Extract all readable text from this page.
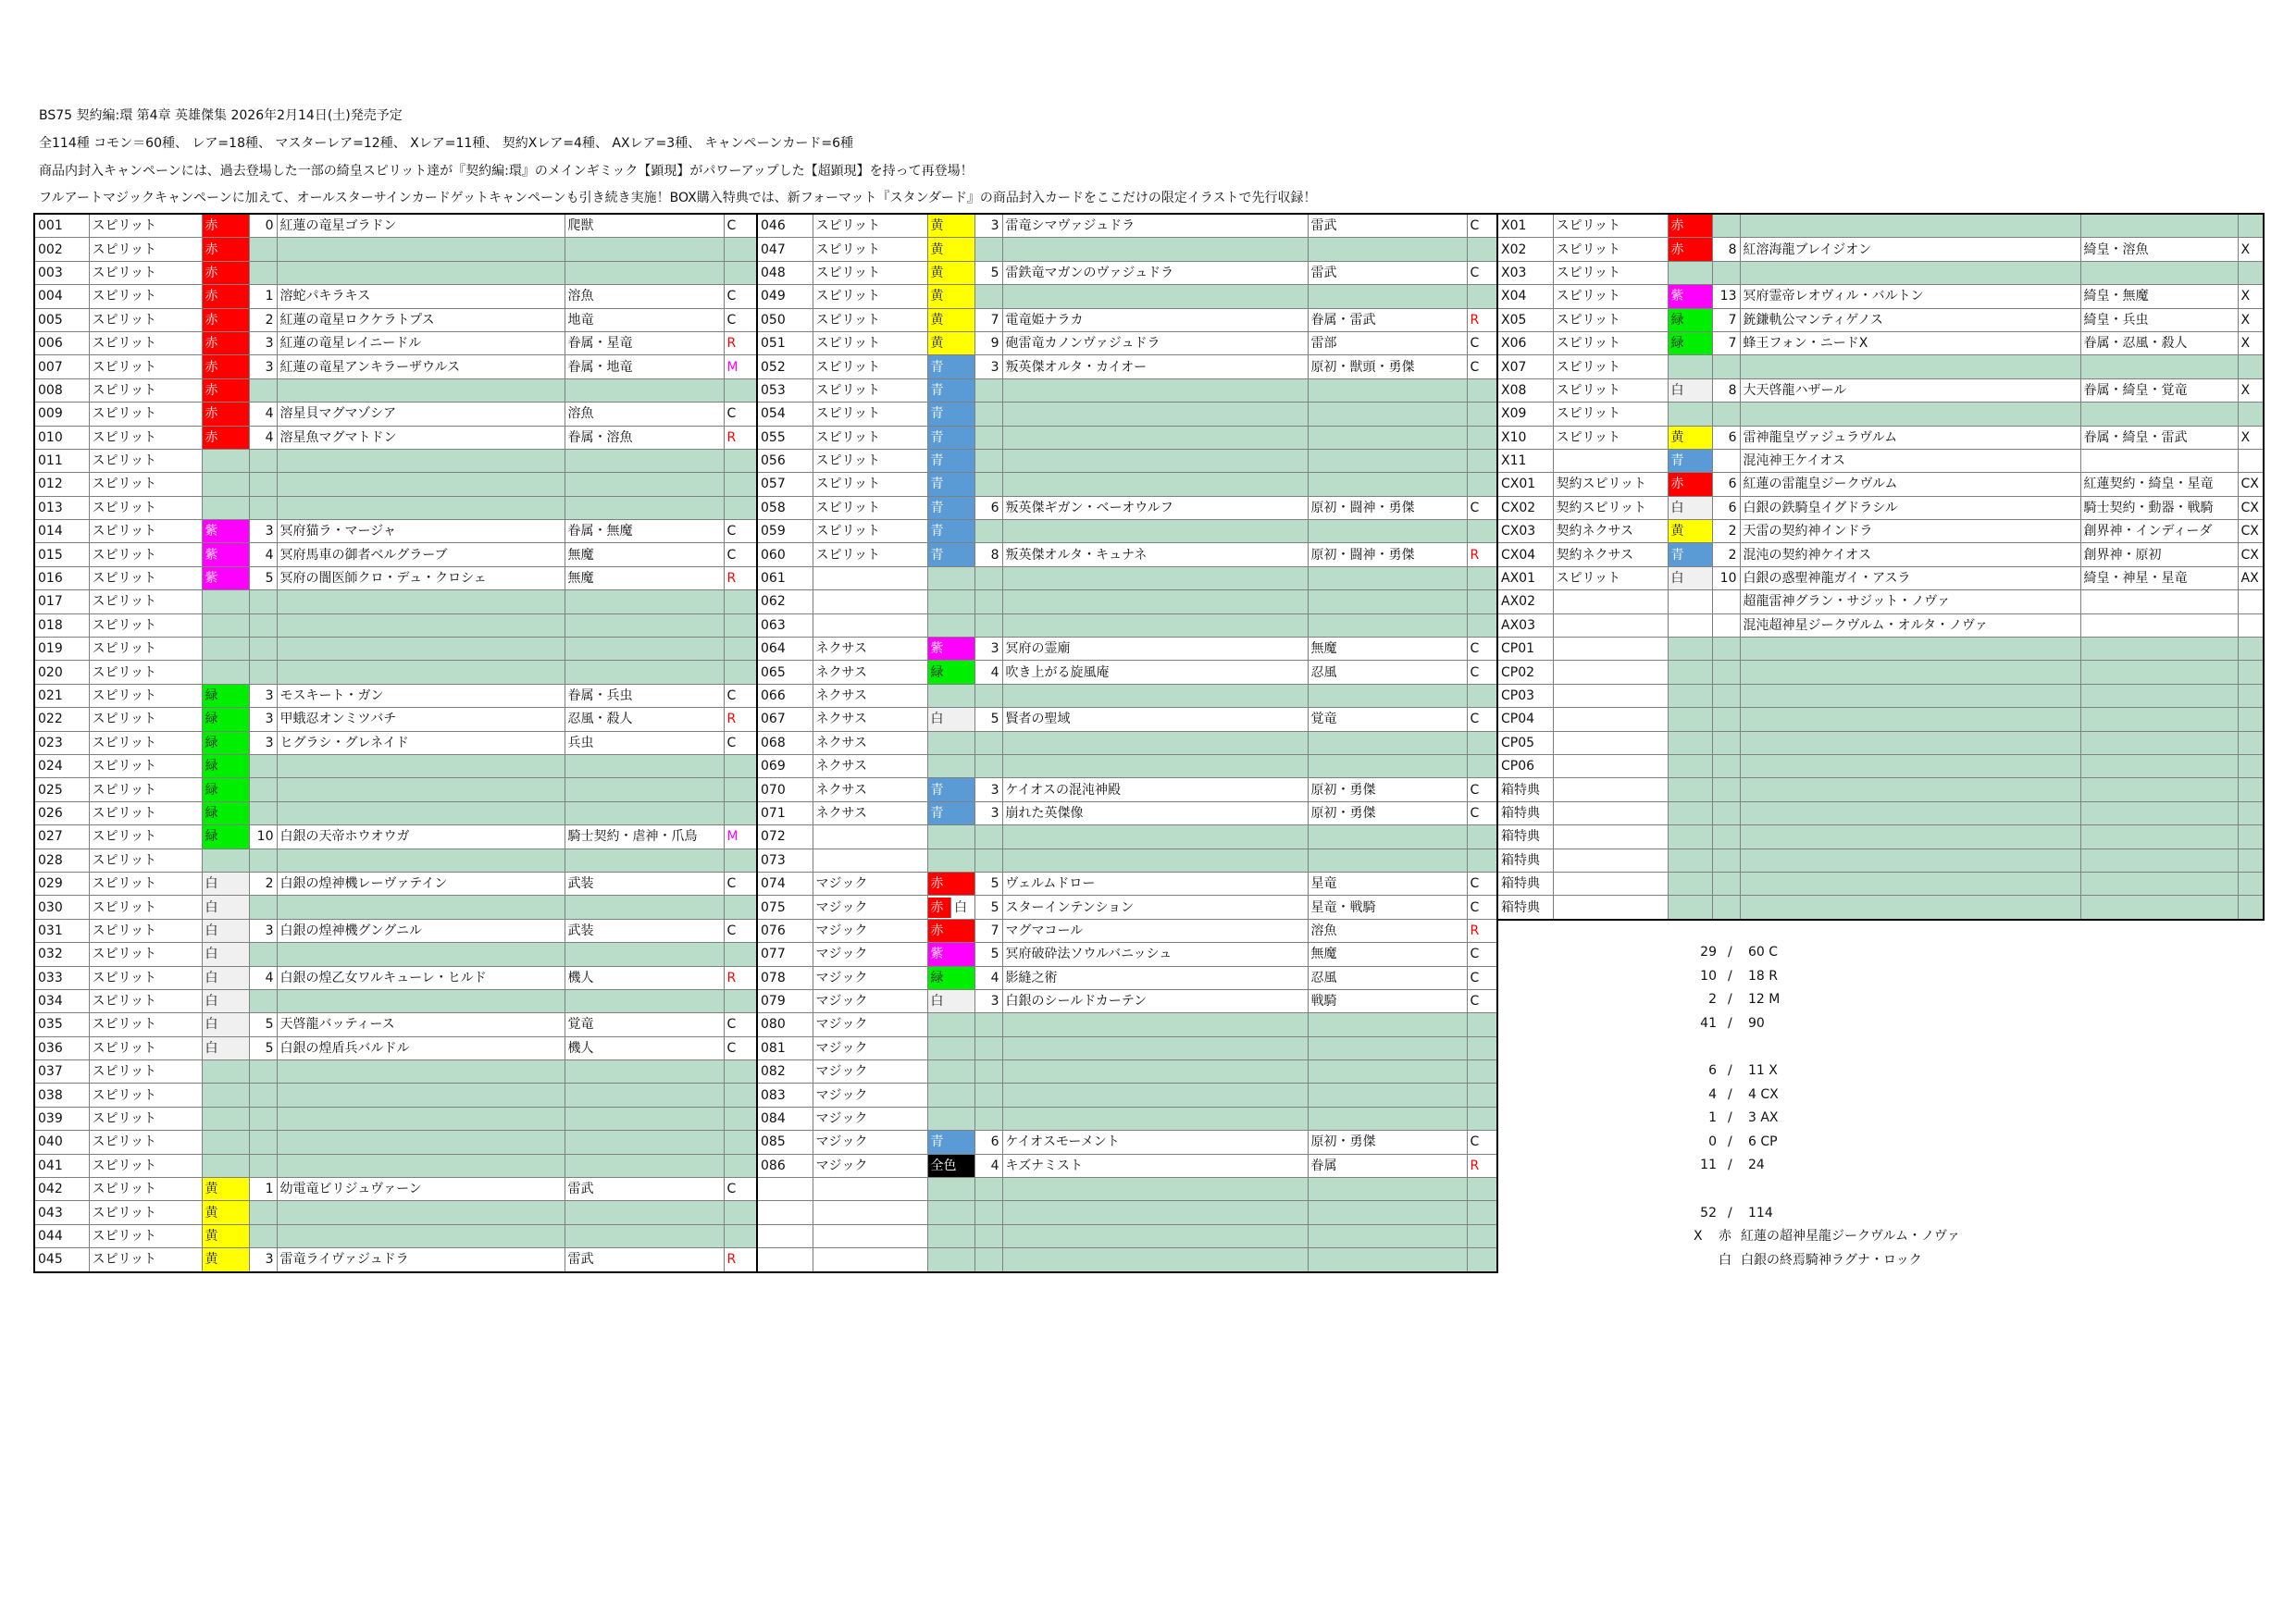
BS75 契約編:環 第4章 英雄傑集 2026年2月14日(土)発売予定
全114種 コモン＝60種、 レア=18種、 マスターレア=12種、 Xレア=11種、 契約Xレア=4種、 AXレア=3種、 キャンペーンカード=6種
商品内封入キャンペーンには、過去登場した一部の綺皇スピリット達が『契約編:環』のメインギミック【顕現】がパワーアップした【超顕現】を持って再登場！
フルアートマジックキャンペーンに加えて、オールスターサインカードゲットキャンペーンも引き続き実施！BOX購入特典では、新フォーマット『スタンダード』の商品封入カードをここだけの限定イラストで先行収録！
001	スピリット	赤	0	紅蓮の竜星ゴラドン	爬獣	C
002	スピリット	赤				
003	スピリット	赤				
004	スピリット	赤	1	溶蛇パキラキス	溶魚	C
005	スピリット	赤	2	紅蓮の竜星ロクケラトプス	地竜	C
006	スピリット	赤	3	紅蓮の竜星レイニードル	眷属・星竜	R
007	スピリット	赤	3	紅蓮の竜星アンキラーザウルス	眷属・地竜	M
008	スピリット	赤				
009	スピリット	赤	4	溶星貝マグマゾシア	溶魚	C
010	スピリット	赤	4	溶星魚マグマトドン	眷属・溶魚	R
011	スピリット					
012	スピリット					
013	スピリット					
014	スピリット	紫	3	冥府猫ラ・マージャ	眷属・無魔	C
015	スピリット	紫	4	冥府馬車の御者ベルグラーブ	無魔	C
016	スピリット	紫	5	冥府の闇医師クロ・デュ・クロシェ	無魔	R
017	スピリット					
018	スピリット					
019	スピリット					
020	スピリット					
021	スピリット	緑	3	モスキート・ガン	眷属・兵虫	C
022	スピリット	緑	3	甲蛾忍オンミツバチ	忍風・殺人	R
023	スピリット	緑	3	ヒグラシ・グレネイド	兵虫	C
024	スピリット	緑				
025	スピリット	緑				
026	スピリット	緑				
027	スピリット	緑	10	白銀の天帝ホウオウガ	騎士契約・虐神・爪鳥	M
028	スピリット					
029	スピリット	白	2	白銀の煌神機レーヴァテイン	武装	C
030	スピリット	白				
031	スピリット	白	3	白銀の煌神機グングニル	武装	C
032	スピリット	白				
033	スピリット	白	4	白銀の煌乙女ワルキューレ・ヒルド	機人	R
034	スピリット	白				
035	スピリット	白	5	天啓龍バッティース	覚竜	C
036	スピリット	白	5	白銀の煌盾兵バルドル	機人	C
037	スピリット					
038	スピリット					
039	スピリット					
040	スピリット					
041	スピリット					
042	スピリット	黄	1	幼電竜ビリジュヴァーン	雷武	C
043	スピリット	黄				
044	スピリット	黄				
045	スピリット	黄	3	雷竜ライヴァジュドラ	雷武	R
046	スピリット	黄	3	雷竜シマヴァジュドラ	雷武	C
047	スピリット	黄				
048	スピリット	黄	5	雷鉄竜マガンのヴァジュドラ	雷武	C
049	スピリット	黄				
050	スピリット	黄	7	電竜姫ナラカ	眷属・雷武	R
051	スピリット	黄	9	砲雷竜カノンヴァジュドラ	雷部	C
052	スピリット	青	3	叛英傑オルタ・カイオー	原初・獣頭・勇傑	C
053	スピリット	青				
054	スピリット	青				
055	スピリット	青				
056	スピリット	青				
057	スピリット	青				
058	スピリット	青	6	叛英傑ギガン・ベーオウルフ	原初・闘神・勇傑	C
059	スピリット	青				
060	スピリット	青	8	叛英傑オルタ・キュナネ	原初・闘神・勇傑	R
061						
062						
063						
064	ネクサス	紫	3	冥府の霊廟	無魔	C
065	ネクサス	緑	4	吹き上がる旋風庵	忍風	C
066	ネクサス					
067	ネクサス	白	5	賢者の聖域	覚竜	C
068	ネクサス					
069	ネクサス					
070	ネクサス	青	3	ケイオスの混沌神殿	原初・勇傑	C
071	ネクサス	青	3	崩れた英傑像	原初・勇傑	C
072						
073						
074	マジック	赤	5	ヴェルムドロー	星竜	C
075	マジック	赤 白	5	スターインテンション	星竜・戦騎	C
076	マジック	赤	7	マグマコール	溶魚	R
077	マジック	紫	5	冥府破砕法ソウルバニッシュ	無魔	C
078	マジック	緑	4	影縫之術	忍風	C
079	マジック	白	3	白銀のシールドカーテン	戦騎	C
080	マジック					
081	マジック					
082	マジック					
083	マジック					
084	マジック					
085	マジック	青	6	ケイオスモーメント	原初・勇傑	C
086	マジック	全色	4	キズナミスト	眷属	R

X01	スピリット	赤				
X02	スピリット	赤	8	紅溶海龍ブレイジオン	綺皇・溶魚	X
X03	スピリット					
X04	スピリット	紫	13	冥府霊帝レオヴィル・バルトン	綺皇・無魔	X
X05	スピリット	緑	7	銃鎌軌公マンティゲノス	綺皇・兵虫	X
X06	スピリット	緑	7	蜂王フォン・ニードX	眷属・忍風・殺人	X
X07	スピリット					
X08	スピリット	白	8	大天啓龍ハザール	眷属・綺皇・覚竜	X
X09	スピリット					
X10	スピリット	黄	6	雷神龍皇ヴァジュラヴルム	眷属・綺皇・雷武	X
X11		青		混沌神王ケイオス		
CX01	契約スピリット	赤	6	紅蓮の雷龍皇ジークヴルム	紅蓮契約・綺皇・星竜	CX
CX02	契約スピリット	白	6	白銀の鉄騎皇イグドラシル	騎士契約・動器・戦騎	CX
CX03	契約ネクサス	黄	2	天雷の契約神インドラ	創界神・インディーダ	CX
CX04	契約ネクサス	青	2	混沌の契約神ケイオス	創界神・原初	CX
AX01	スピリット	白	10	白銀の惑聖神龍ガイ・アスラ	綺皇・神星・星竜	AX
AX02				超龍雷神グラン・サジット・ノヴァ		
AX03				混沌超神星ジークヴルム・オルタ・ノヴァ		
CP01						
CP02						
CP03						
CP04						
CP05						
CP06						
箱特典						
箱特典						
箱特典						
箱特典						
箱特典						
箱特典						
29 / 60 C
10 / 18 R
2 / 12 M
41 / 90
6 / 11 X
4 / 4 CX
1 / 3 AX
0 / 6 CP
11 / 24
52 / 114
X 赤 紅蓮の超神星龍ジークヴルム・ノヴァ
白 白銀の終焉騎神ラグナ・ロック
